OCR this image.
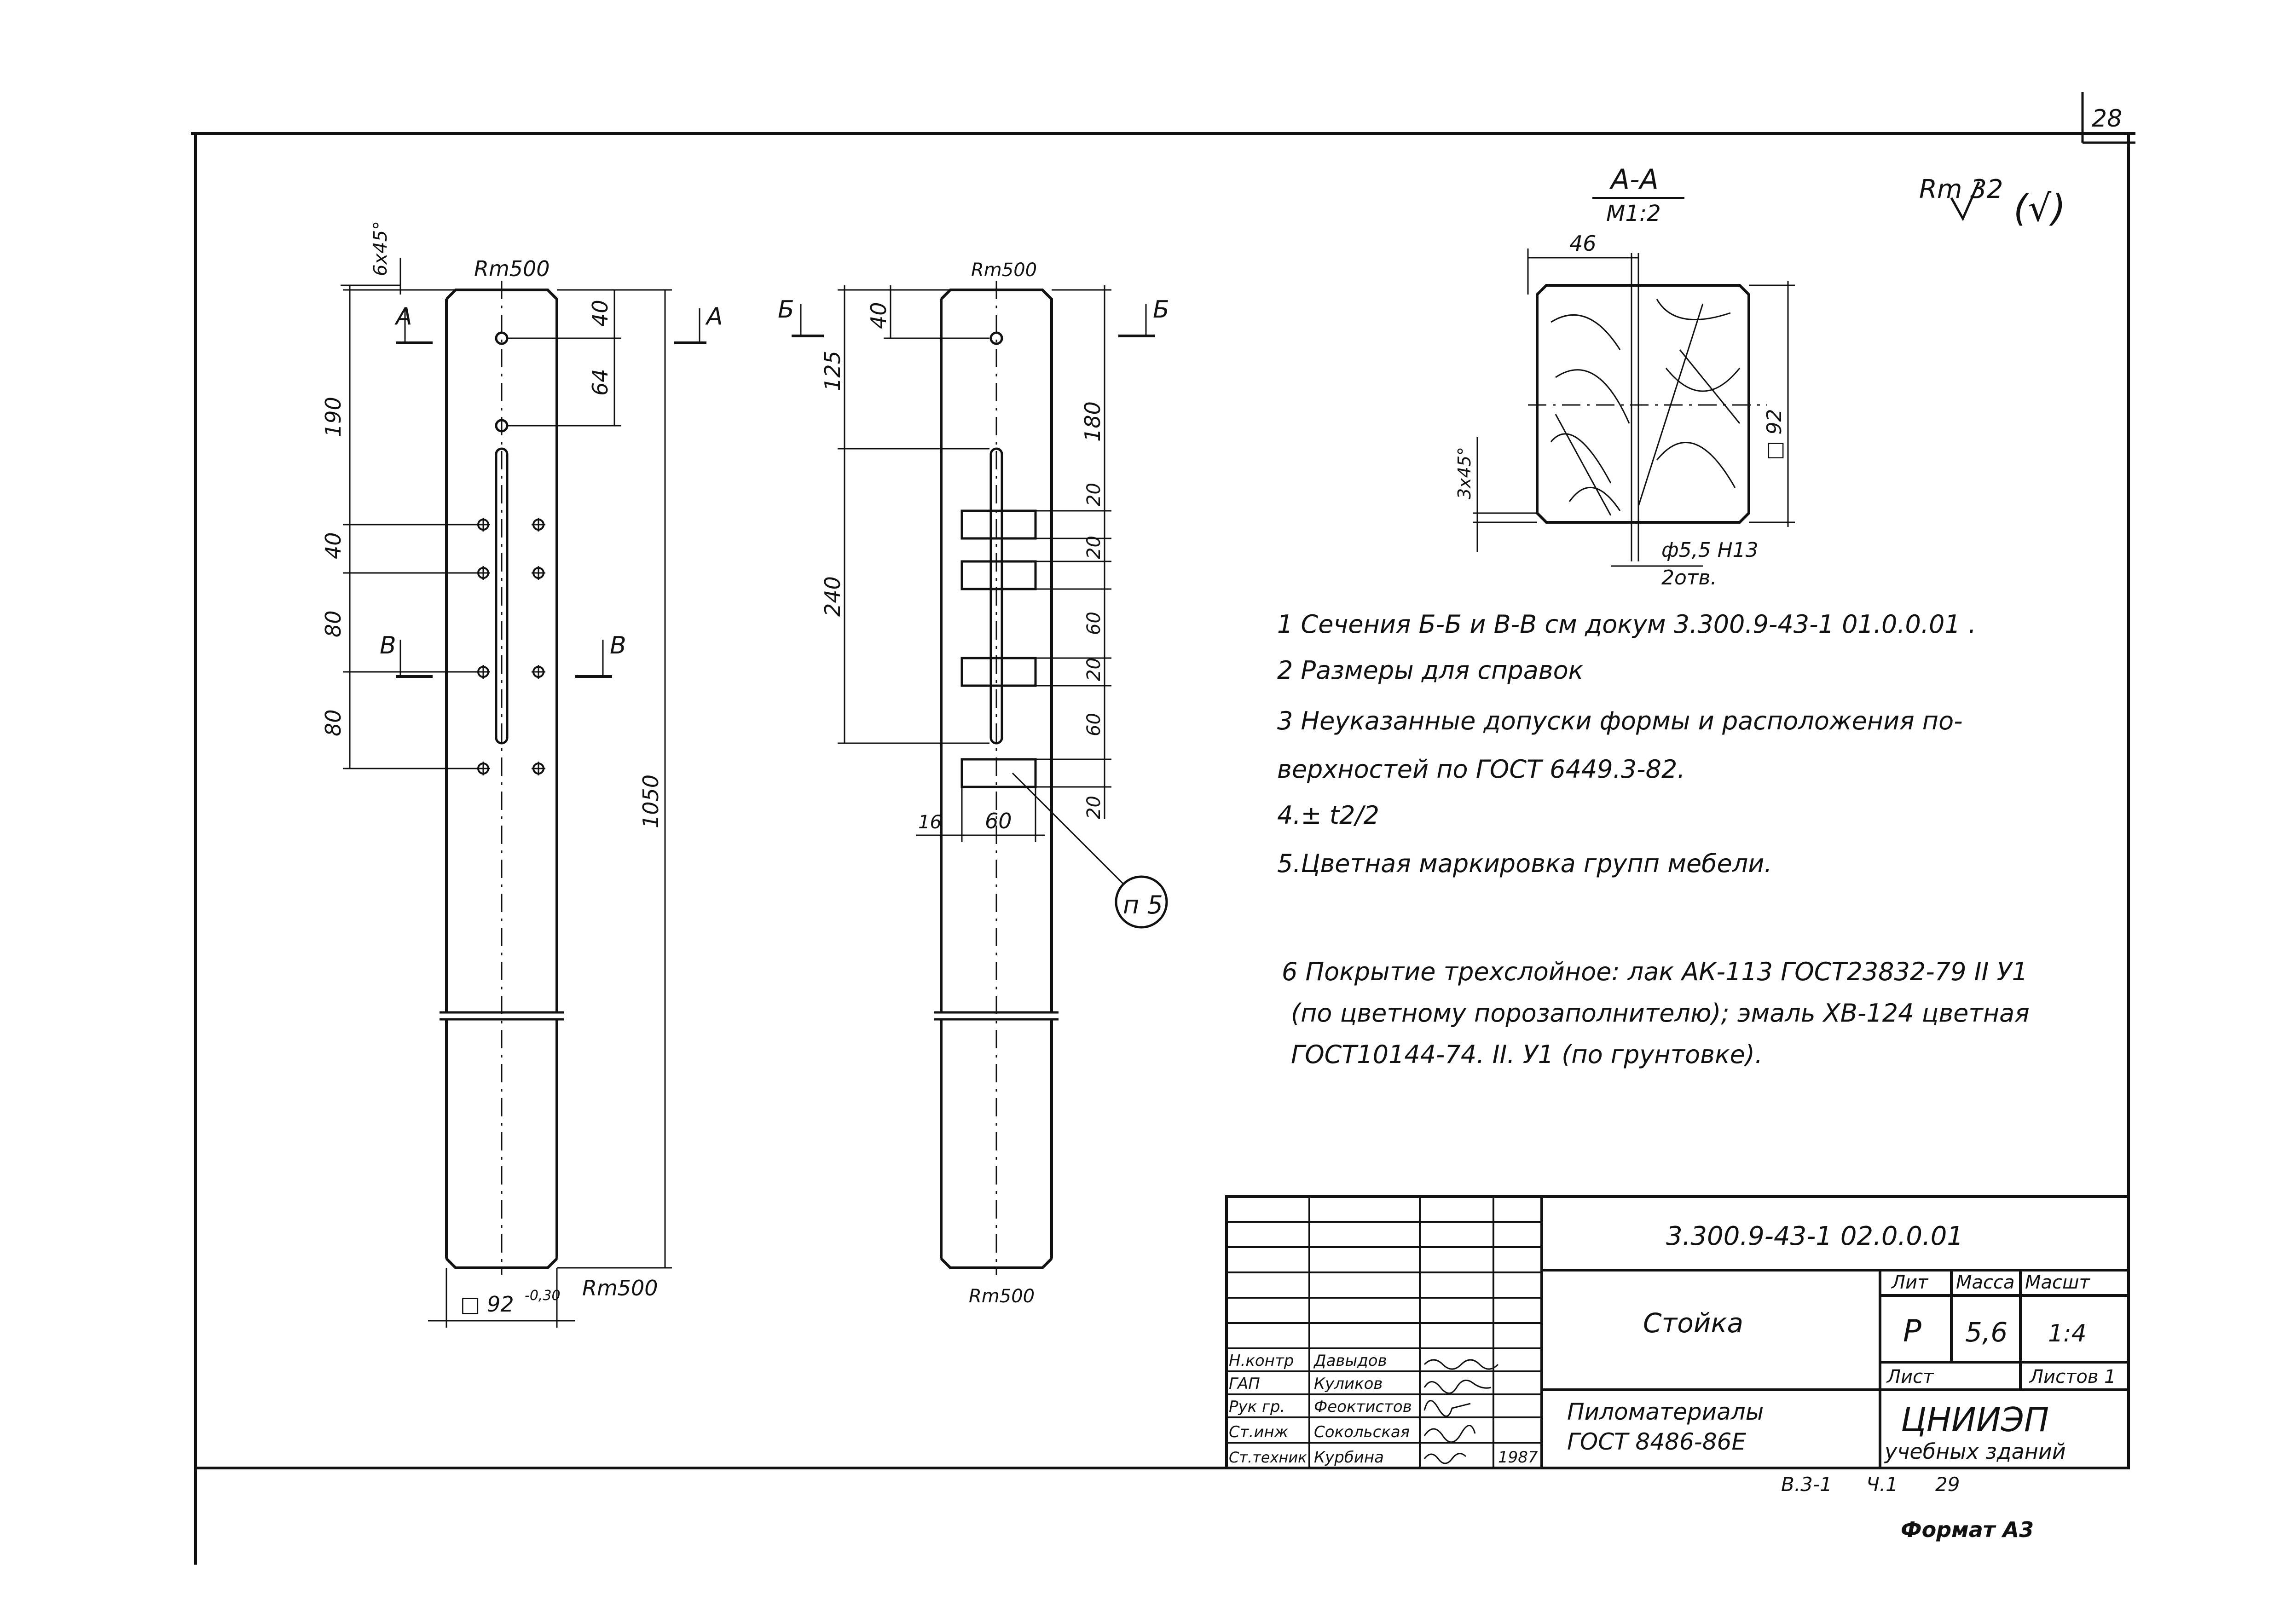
28
Rm 32 (√)
Rm500
Rm500
6x45°
А	А
В	В
190
40
64
40
80
80
1050
□ 92 -0,30
п 5
Rm500
Rm500
Б	Б
40
125
180
240
20
20
60
20
60
20
16 60
А-А
М1:2
46
□ 92
3x45°
ф5,5 Н13
2отв.
1 Сечения Б-Б и В-В см докум 3.300.9-43-1 01.0.0.01 .
2 Размеры для справок
3 Неуказанные допуски формы и расположения по-
верхностей по ГОСТ 6449.3-82.
4.± t2/2
5.Цветная маркировка групп мебели.
6 Покрытие трехслойное: лак АК-113 ГОСТ23832-79 II У1
(по цветному порозаполнителю); эмаль ХВ-124 цветная
ГОСТ10144-74. II. У1 (по грунтовке).
3.300.9-43-1 02.0.0.01
Стойка
Пиломатериалы
ГОСТ 8486-86Е
Лит Масса Масшт
Р 5,6 1:4
Лист	Листов 1
ЦНИИЭП
учебных зданий
Н.контр Давыдов
ГАП	Куликов
Рук гр. Феоктистов
Ст.инж Сокольская
Ст.техник Курбина	1987
В.3-1 Ч.1 29
Формат А3
